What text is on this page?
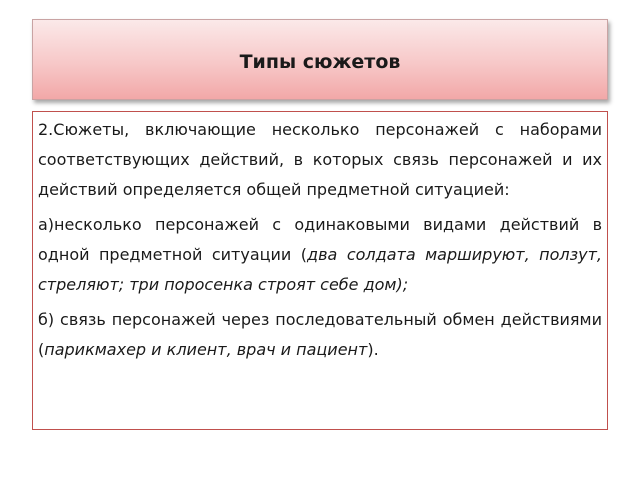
Типы сюжетов

2.Сюжеты, включающие несколько персонажей с наборами соответствующих действий, в которых связь персонажей и их действий определяется общей предметной ситуацией:

а)несколько персонажей с одинаковыми видами действий в одной предметной ситуации (два солдата маршируют, ползут, стреляют; три поросенка строят себе дом);

б) связь персонажей через последовательный обмен действиями (парикмахер и клиент, врач и пациент).
